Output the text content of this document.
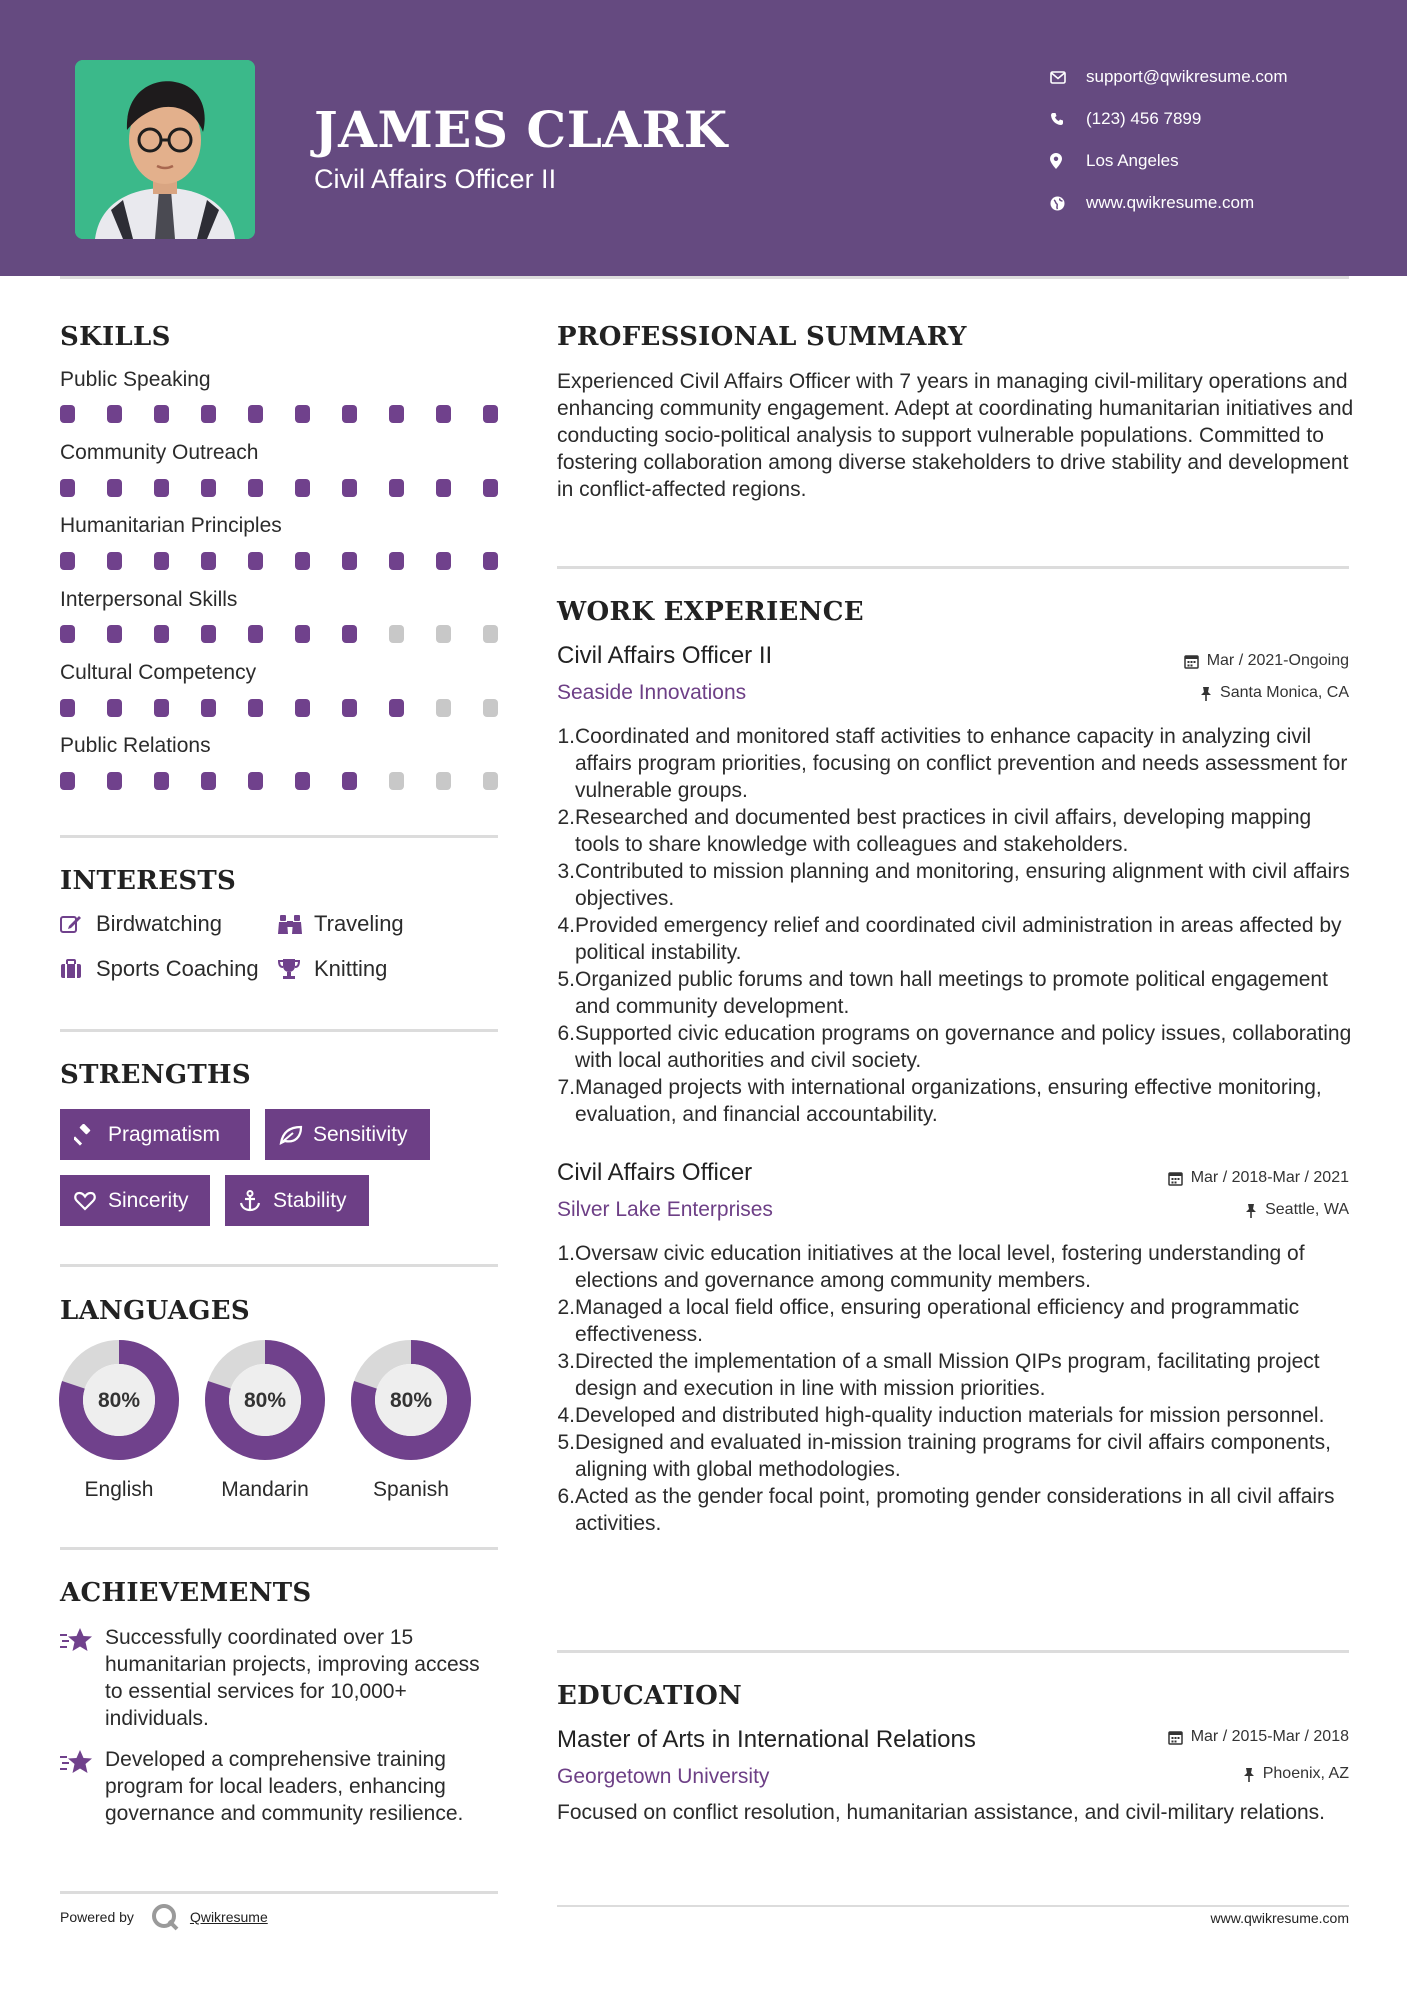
JAMES CLARK
Civil Affairs Officer II
support@qwikresume.com
(123) 456 7899
Los Angeles
www.qwikresume.com
SKILLS
Public Speaking
Community Outreach
Humanitarian Principles
Interpersonal Skills
Cultural Competency
Public Relations
INTERESTS
Birdwatching	Traveling
Sports Coaching	Knitting
STRENGTHS
Pragmatism	Sensitivity
Sincerity	Stability
LANGUAGES
80%
English
80%
Mandarin
80%
Spanish
ACHIEVEMENTS
Successfully coordinated over 15 humanitarian projects, improving access to essential services for 10,000+ individuals.
Developed a comprehensive training program for local leaders, enhancing governance and community resilience.
Powered by	Qwikresume
PROFESSIONAL SUMMARY
Experienced Civil Affairs Officer with 7 years in managing civil-military operations and enhancing community engagement. Adept at coordinating humanitarian initiatives and conducting socio-political analysis to support vulnerable populations. Committed to fostering collaboration among diverse stakeholders to drive stability and development in conflict-affected regions.
WORK EXPERIENCE
Civil Affairs Officer II	Mar / 2021-Ongoing
Seaside Innovations	Santa Monica, CA
1. Coordinated and monitored staff activities to enhance capacity in analyzing civil affairs program priorities, focusing on conflict prevention and needs assessment for vulnerable groups.
2. Researched and documented best practices in civil affairs, developing mapping tools to share knowledge with colleagues and stakeholders.
3. Contributed to mission planning and monitoring, ensuring alignment with civil affairs objectives.
4. Provided emergency relief and coordinated civil administration in areas affected by political instability.
5. Organized public forums and town hall meetings to promote political engagement and community development.
6. Supported civic education programs on governance and policy issues, collaborating with local authorities and civil society.
7. Managed projects with international organizations, ensuring effective monitoring, evaluation, and financial accountability.
Civil Affairs Officer	Mar / 2018-Mar / 2021
Silver Lake Enterprises	Seattle, WA
1. Oversaw civic education initiatives at the local level, fostering understanding of elections and governance among community members.
2. Managed a local field office, ensuring operational efficiency and programmatic effectiveness.
3. Directed the implementation of a small Mission QIPs program, facilitating project design and execution in line with mission priorities.
4. Developed and distributed high-quality induction materials for mission personnel.
5. Designed and evaluated in-mission training programs for civil affairs components, aligning with global methodologies.
6. Acted as the gender focal point, promoting gender considerations in all civil affairs activities.
EDUCATION
Master of Arts in International Relations	Mar / 2015-Mar / 2018
Georgetown University	Phoenix, AZ
Focused on conflict resolution, humanitarian assistance, and civil-military relations.
www.qwikresume.com
